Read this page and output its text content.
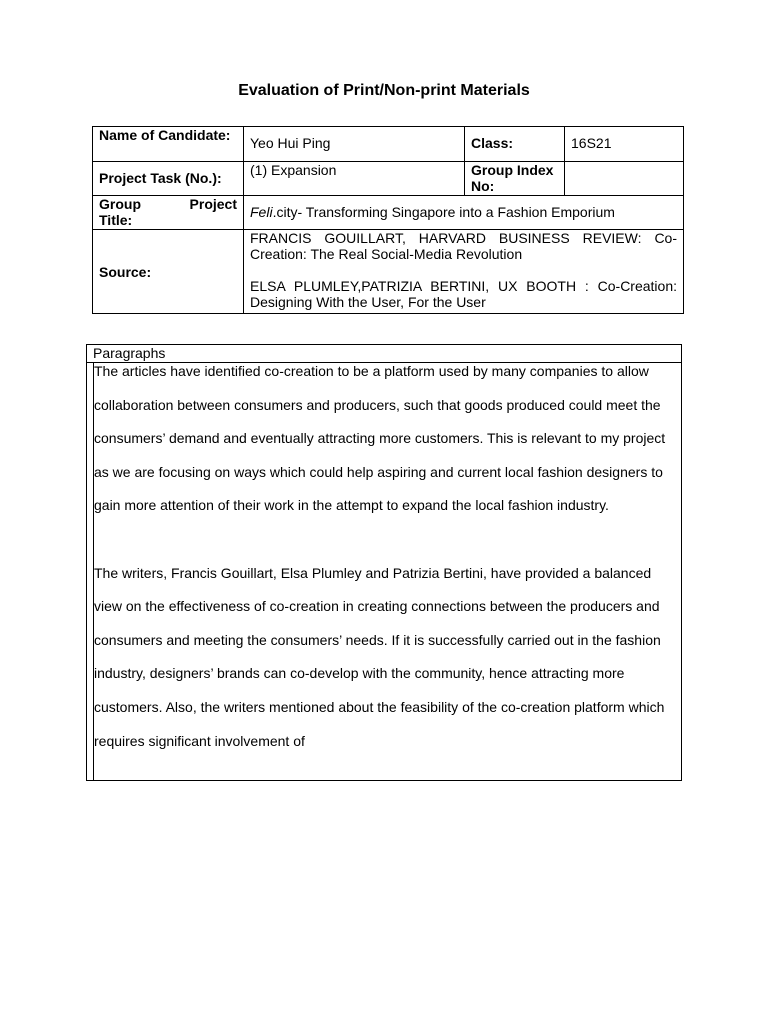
Evaluation of Print/Non-print Materials
Name of Candidate:	Yeo Hui Ping	Class:	16S21
Project Task (No.):	(1) Expansion	Group Index No:	

Group Project
Title:	Feli.city- Transforming Singapore into a Fashion Emporium		
Source:	FRANCIS GOUILLART, HARVARD BUSINESS REVIEW: Co-Creation: The Real Social-Media Revolution
ELSA PLUMLEY,PATRIZIA BERTINI, UX BOOTH : Co-Creation: Designing With the User, For the User		
Paragraphs

The articles have identified co-creation to be a platform used by many companies to allow collaboration between consumers and producers, such that goods produced could meet the consumers’ demand and eventually attracting more customers. This is relevant to my project as we are focusing on ways which could help aspiring and current local fashion designers to gain more attention of their work in the attempt to expand the local fashion industry.

The writers, Francis Gouillart, Elsa Plumley and Patrizia Bertini, have provided a balanced view on the effectiveness of co-creation in creating connections between the producers and consumers and meeting the consumers’ needs. If it is successfully carried out in the fashion industry, designers’ brands can co-develop with the community, hence attracting more customers. Also, the writers mentioned about the feasibility of the co-creation platform which requires significant involvement of
